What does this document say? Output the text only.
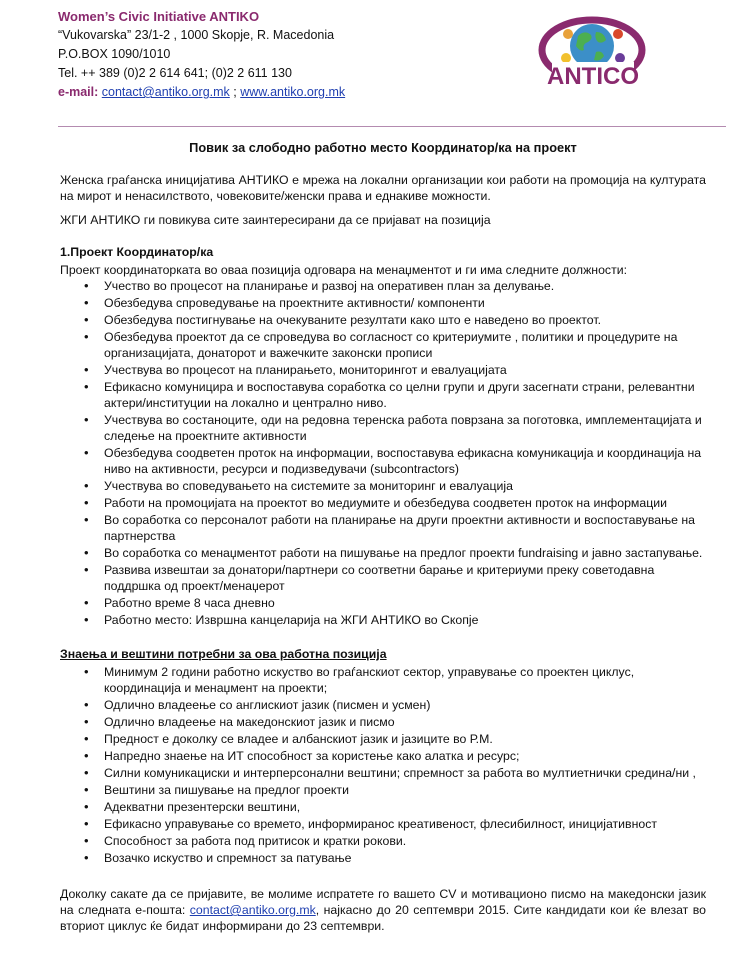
Women’s Civic Initiative ANTIKO
“Vukovarska” 23/1-2 , 1000 Skopje, R. Macedonia
P.O.BOX 1090/1010
Tel. ++ 389 (0)2 2 614 641; (0)2 2 611 130
e-mail: contact@antiko.org.mk ; www.antiko.org.mk
ANTICO
Повик за слободно работно место Координатор/ка на проект
Женска граѓанска иницијатива АНТИКО е мрежа на локални организации кои работи на промоција на културата на мирот и ненасилството, човековите/женски права и еднакиве можности.
ЖГИ АНТИКО ги повикува сите заинтересирани да се пријават на позиција
1.Проект Координатор/ка
Проект координаторката во оваа позиција одговара на менаџментот и ги има следните должности:
• Учество во процесот на планирање и развој на оперативен план за делување.
• Обезбедува спроведување на проектните активности/ компоненти
• Обезбедува постигнување на очекуваните резултати како што е наведено во проектот.
• Обезбедува проектот да се спроведува во согласност со критериумите , политики и процедурите на организацијата, донаторот и важечките законски прописи
• Учествува во процесот на планирањето, мониторингот и евалуацијата
• Ефикасно комуницира и воспоставува соработка со целни групи и други засегнати страни, релевантни актери/институции на локално и централно ниво.
• Учествува во состаноците, оди на редовна теренска работа поврзана за поготовка, имплементацијата и следење на проектните активности
• Обезбедува соодветен проток на информации, воспоставува ефикасна комуникација и координација на ниво на активности, ресурси и подизведувачи (subcontractors)
• Учествува во споведувањето на системите за мониторинг и евалуација
• Работи на промоцијата на проектот во медиумите и обезбедува соодветен проток на информации
• Во соработка со персоналот работи на планирање на други проектни активности и воспоставување на партнерствa
• Во соработка со менаџментот работи на пишување на предлог проекти fundraising и јавно застапување.
• Развива извештаи за донатори/партнери со соответни барање и критериуми преку советодавна поддршка од проект/менаџерот
• Работно време 8 часа дневно
• Работно место: Извршна канцеларија на ЖГИ АНТИКО во Скопје
Знаења и вештини потребни за ова работна позиција
• Минимум 2 години работно искуство во граѓанскиот сектор, управување со проектен циклус, координација и менаџмент на проекти;
• Одлично владеење со англискиот јазик (писмен и усмен)
• Одлично владеење на македонскиот јазик и писмо
• Предност е доколку се владее и албанскиот јазик и јазиците во Р.М.
• Напредно знаење на ИТ способност за користење како алатка и ресурс;
• Силни комуникациски и интерперсонални вештини; спремност за работа во мултиетнички средина/ни ,
• Вештини за пишување на предлог проекти
• Адекватни презентерски вештини,
• Ефикасно управување со времето, информиранос креативеност, флесибилност, иницијативност
• Способност за работа под притисок и кратки рокови.
• Возачко искуство и спремност за патување
Доколку сакате да се пријавите, ве молиме испратете го вашето CV и мотивационо писмо на македонски јазик на следната е-пошта: contact@antiko.org.mk, најкасно до 20 септември 2015. Сите кандидати кои ќе влезат во вториот циклус ќе бидат информирани до 23 септември.
